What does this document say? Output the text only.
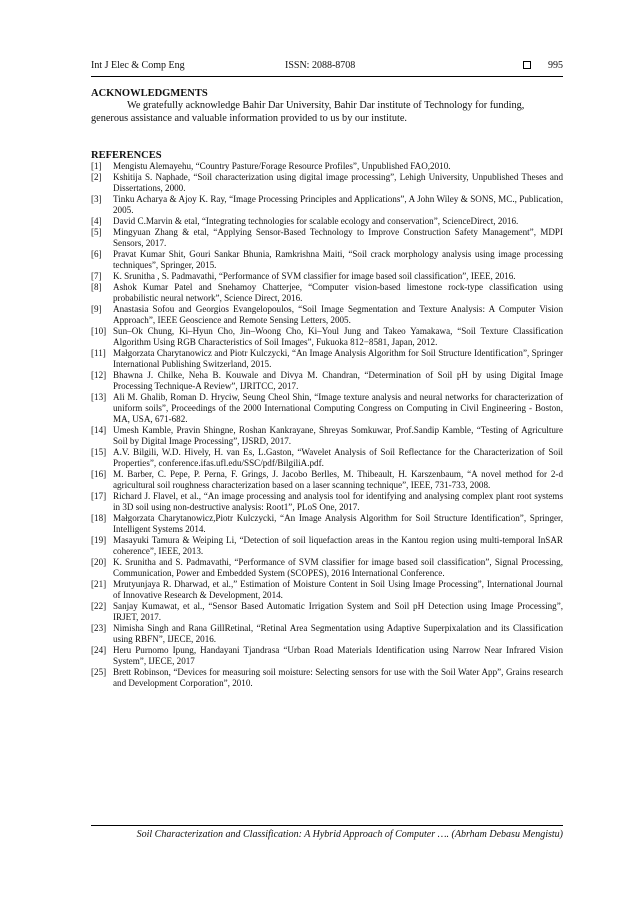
Int J Elec & Comp Eng	ISSN: 2088-8708	995
ACKNOWLEDGMENTS
We gratefully acknowledge Bahir Dar University, Bahir Dar institute of Technology for funding, generous assistance and valuable information provided to us by our institute.
REFERENCES
[1]	Mengistu Alemayehu, “Country Pasture/Forage Resource Profiles”, Unpublished FAO,2010.
[2]	Kshitija S. Naphade, “Soil characterization using digital image processing”, Lehigh University, Unpublished Theses and Dissertations, 2000.
[3]	Tinku Acharya & Ajoy K. Ray, “Image Processing Principles and Applications”, A John Wiley & SONS, MC., Publication, 2005.
[4]	David C.Marvin & etal, “Integrating technologies for scalable ecology and conservation”, ScienceDirect, 2016.
[5]	Mingyuan Zhang & etal, “Applying Sensor-Based Technology to Improve Construction Safety Management”, MDPI Sensors, 2017.
[6]	Pravat Kumar Shit, Gouri Sankar Bhunia, Ramkrishna Maiti, “Soil crack morphology analysis using image processing techniques”, Springer, 2015.
[7]	K. Srunitha , S. Padmavathi, “Performance of SVM classifier for image based soil classification”, IEEE, 2016.
[8]	Ashok Kumar Patel and Snehamoy Chatterjee, “Computer vision-based limestone rock-type classification using probabilistic neural network”, Science Direct, 2016.
[9]	Anastasia Sofou and Georgios Evangelopoulos, “Soil Image Segmentation and Texture Analysis: A Computer Vision Approach”, IEEE Geoscience and Remote Sensing Letters, 2005.
[10] Sun–Ok Chung, Ki–Hyun Cho, Jin–Woong Cho, Ki–Youl Jung and Takeo Yamakawa, “Soil Texture Classification Algorithm Using RGB Characteristics of Soil Images”, Fukuoka 812−8581, Japan, 2012.
[11] Małgorzata Charytanowicz and Piotr Kulczycki, “An Image Analysis Algorithm for Soil Structure Identification”, Springer International Publishing Switzerland, 2015.
[12] Bhawna J. Chilke, Neha B. Kouwale and Divya M. Chandran, “Determination of Soil pH by using Digital Image Processing Technique-A Review”, IJRITCC, 2017.
[13] Ali M. Ghalib, Roman D. Hryciw, Seung Cheol Shin, “Image texture analysis and neural networks for characterization of uniform soils”, Proceedings of the 2000 International Computing Congress on Computing in Civil Engineering - Boston, MA, USA, 671-682.
[14] Umesh Kamble, Pravin Shingne, Roshan Kankrayane, Shreyas Somkuwar, Prof.Sandip Kamble, “Testing of Agriculture Soil by Digital Image Processing”, IJSRD, 2017.
[15] A.V. Bilgili, W.D. Hively, H. van Es, L.Gaston, “Wavelet Analysis of Soil Reflectance for the Characterization of Soil Properties”, conference.ifas.ufl.edu/SSC/pdf/BilgiliA.pdf.
[16] M. Barber, C. Pepe, P. Perna, F. Grings, J. Jacobo Berlles, M. Thibeault, H. Karszenbaum, “A novel method for 2-d agricultural soil roughness characterization based on a laser scanning technique”, IEEE, 731-733, 2008.
[17] Richard J. Flavel, et al., “An image processing and analysis tool for identifying and analysing complex plant root systems in 3D soil using non-destructive analysis: Root1”, PLoS One, 2017.
[18] Małgorzata Charytanowicz,Piotr Kulczycki, “An Image Analysis Algorithm for Soil Structure Identification”, Springer, Intelligent Systems 2014.
[19] Masayuki Tamura & Weiping Li, “Detection of soil liquefaction areas in the Kantou region using multi-temporal InSAR coherence”, IEEE, 2013.
[20] K. Srunitha and S. Padmavathi, “Performance of SVM classifier for image based soil classification”, Signal Processing, Communication, Power and Embedded System (SCOPES), 2016 International Conference.
[21] Mrutyunjaya R. Dharwad, et al.,” Estimation of Moisture Content in Soil Using Image Processing”, International Journal of Innovative Research & Development, 2014.
[22] Sanjay Kumawat, et al., “Sensor Based Automatic Irrigation System and Soil pH Detection using Image Processing”, IRJET, 2017.
[23] Nimisha Singh and Rana GillRetinal, “Retinal Area Segmentation using Adaptive Superpixalation and its Classification using RBFN”, IJECE, 2016.
[24] Heru Purnomo Ipung, Handayani Tjandrasa “Urban Road Materials Identification using Narrow Near Infrared Vision System”, IJECE, 2017
[25] Brett Robinson, “Devices for measuring soil moisture: Selecting sensors for use with the Soil Water App”, Grains research and Development Corporation”, 2010.
Soil Characterization and Classification: A Hybrid Approach of Computer …. (Abrham Debasu Mengistu)
